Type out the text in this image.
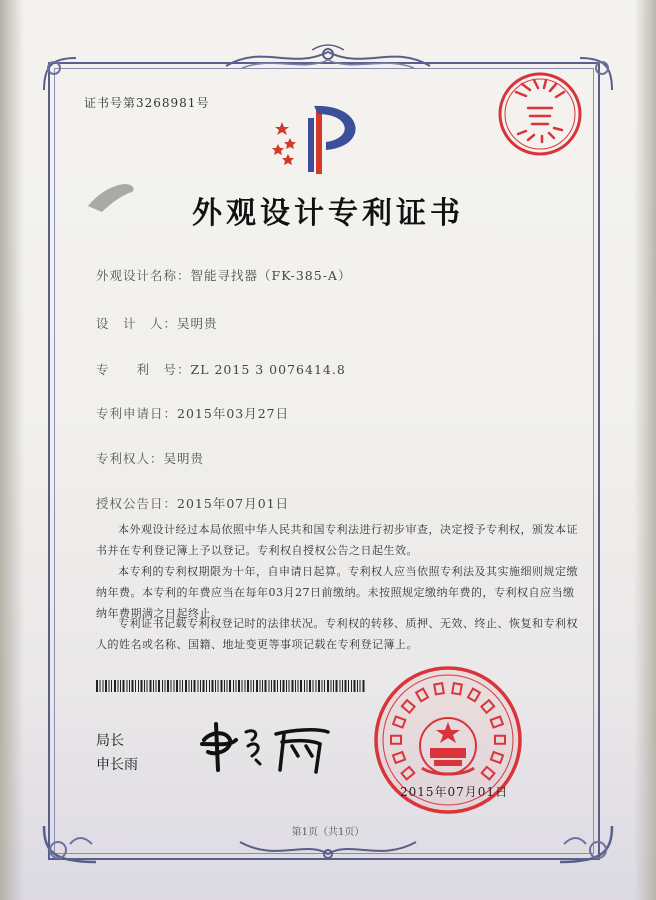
证书号第3268981号
外观设计专利证书
外观设计名称：智能寻找器（FK-385-A）
设　计　人：吴明贵
专　　利　号：ZL 2015 3 0076414.8
专利申请日：2015年03月27日
专利权人：吴明贵
授权公告日：2015年07月01日
本外观设计经过本局依照中华人民共和国专利法进行初步审查，决定授予专利权，颁发本证书并在专利登记簿上予以登记。专利权自授权公告之日起生效。
本专利的专利权期限为十年，自申请日起算。专利权人应当依照专利法及其实施细则规定缴纳年费。本专利的年费应当在每年03月27日前缴纳。未按照规定缴纳年费的，专利权自应当缴纳年费期满之日起终止。
专利证书记载专利权登记时的法律状况。专利权的转移、质押、无效、终止、恢复和专利权人的姓名或名称、国籍、地址变更等事项记载在专利登记簿上。
局长
申长雨
2015年07月01日
第1页（共1页）
